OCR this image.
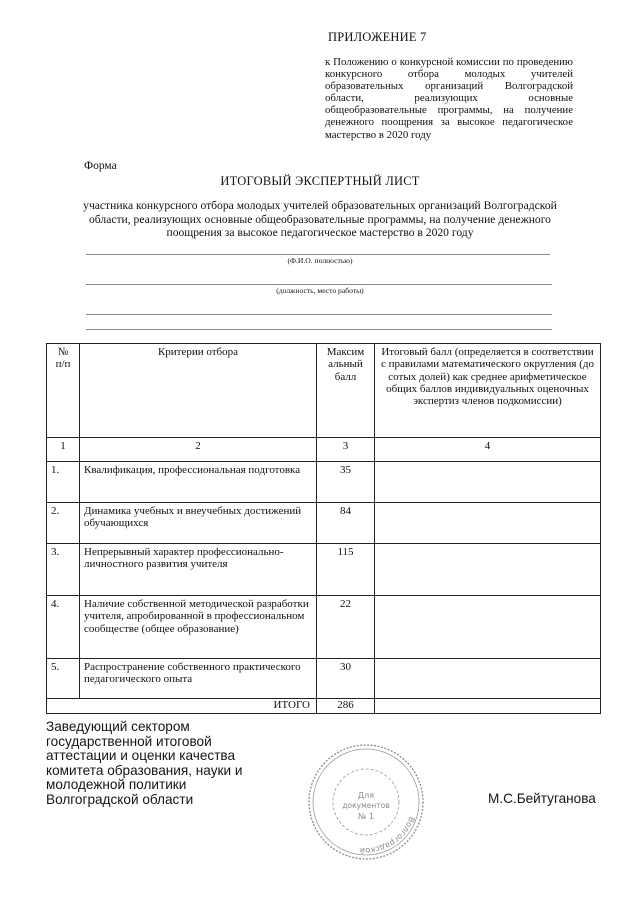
ПРИЛОЖЕНИЕ 7
к Положению о конкурсной комиссии по проведению конкурсного отбора молодых учителей образовательных организаций Волгоградской области, реализующих основные общеобразовательные программы, на получение денежного поощрения за высокое педагогическое мастерство в 2020 году
Форма
ИТОГОВЫЙ ЭКСПЕРТНЫЙ ЛИСТ
участника конкурсного отбора молодых учителей образовательных организаций Волгоградской области, реализующих основные общеобразовательные программы, на получение денежного поощрения за высокое педагогическое мастерство в 2020 году
(Ф.И.О. полностью)
(должность, место работы)
№ п/п	Критерии отбора	Максим альный балл	Итоговый балл (определяется в соответствии с правилами математического округления (до сотых долей) как среднее арифметическое общих баллов индивидуальных оценочных экспертиз членов подкомиссии)
1	2	3	4
1.	Квалификация, профессиональная подготовка	35	
2.	Динамика учебных и внеучебных достижений обучающихся	84	
3.	Непрерывный характер профессионально-личностного развития учителя	115	
4.	Наличие собственной методической разработки учителя, апробированной в профессиональном сообществе (общее образование)	22	
5.	Распространение собственного практического педагогического опыта	30	
ИТОГО		286	
Заведующий сектором государственной итоговой аттестации и оценки качества комитета образования, науки и молодежной политики Волгоградской области	М.С.Бейтуганова
Волгоградской
Для
документов
№ 1
